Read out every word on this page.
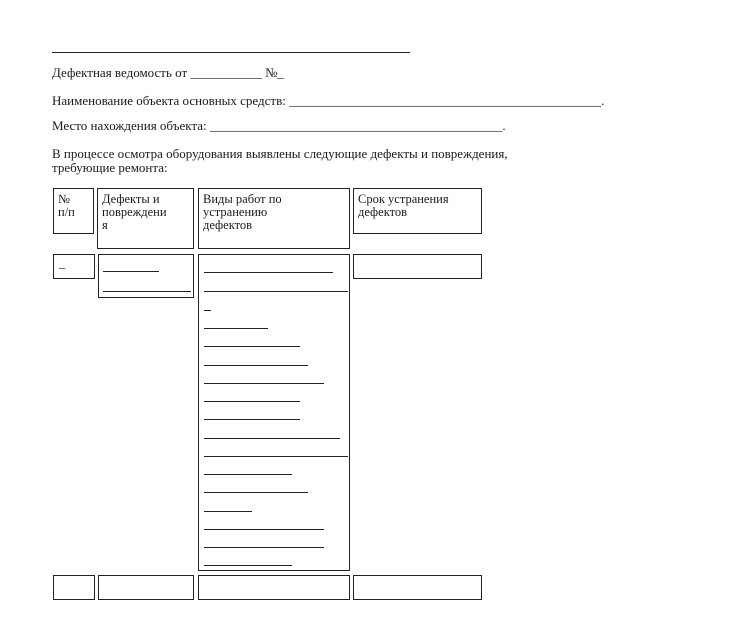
Дефектная ведомость от ___________ №_
Наименование объекта основных средств: ________________________________________________.
Место нахождения объекта: _____________________________________________.
В процессе осмотра оборудования выявлены следующие дефекты и повреждения,
требующие ремонта:
№
п/п
Дефекты и
повреждени
я
Виды работ по
устранению
дефектов
Срок устранения
дефектов
_
